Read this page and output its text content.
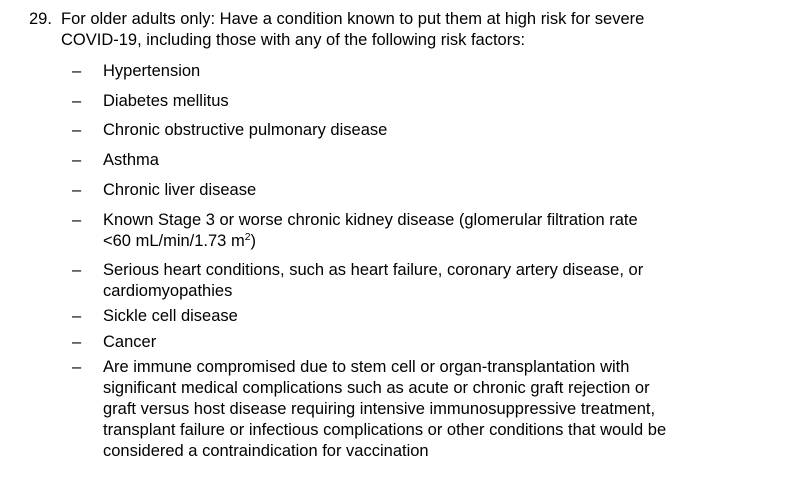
29. For older adults only: Have a condition known to put them at high risk for severe
COVID-19, including those with any of the following risk factors:
– Hypertension
– Diabetes mellitus
– Chronic obstructive pulmonary disease
– Asthma
– Chronic liver disease
– Known Stage 3 or worse chronic kidney disease (glomerular filtration rate
<60 mL/min/1.73 $m^2$)
– Serious heart conditions, such as heart failure, coronary artery disease, or
cardiomyopathies
– Sickle cell disease
– Cancer
– Are immune compromised due to stem cell or organ-transplantation with
significant medical complications such as acute or chronic graft rejection or
graft versus host disease requiring intensive immunosuppressive treatment,
transplant failure or infectious complications or other conditions that would be
considered a contraindication for vaccination
